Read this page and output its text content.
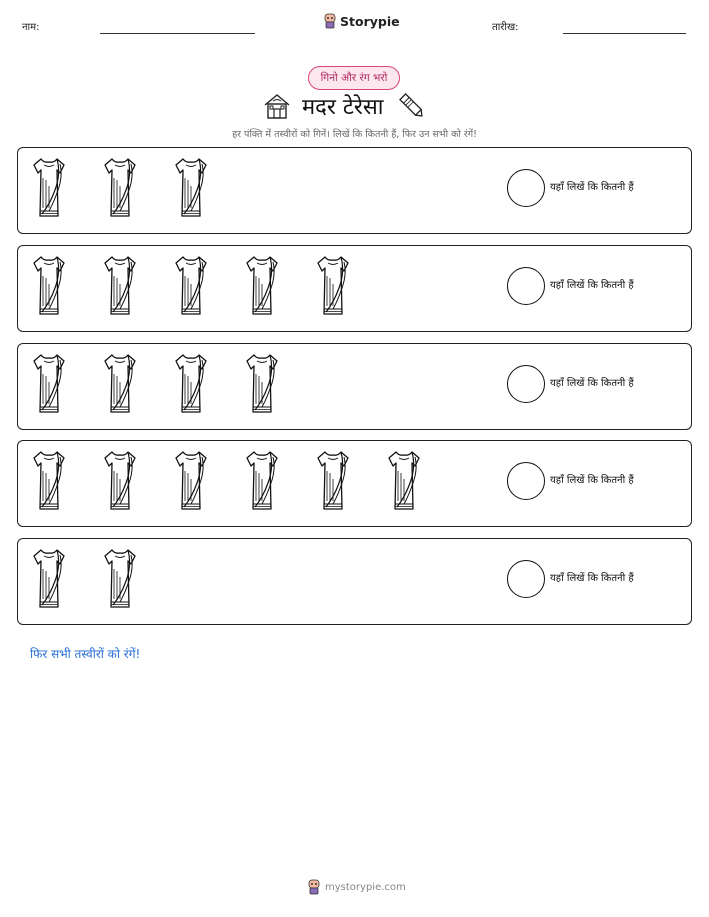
नाम:	Storypie	तारीख:
गिनो और रंग भरो
मदर टेरेसा
हर पंक्ति में तस्वीरों को गिनें। लिखें कि कितनी हैं, फिर उन सभी को रंगें!
यहाँ लिखें कि कितनी हैं
यहाँ लिखें कि कितनी हैं
यहाँ लिखें कि कितनी हैं
यहाँ लिखें कि कितनी हैं
यहाँ लिखें कि कितनी हैं
फिर सभी तस्वीरों को रंगें!
mystorypie.com
